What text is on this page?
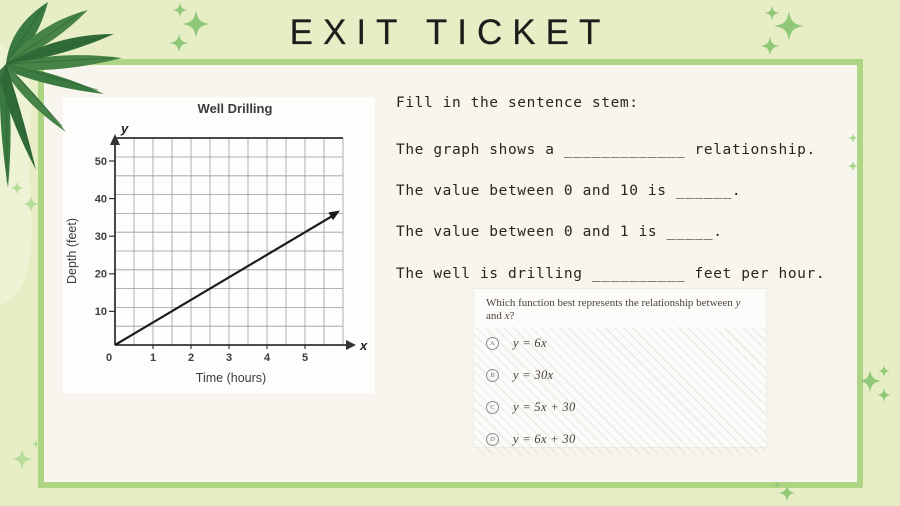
EXIT TICKET
Well Drilling
y
x
10
20
30
40
50
0	1	2	3	4	5
Depth (feet)
Time (hours)
Fill in the sentence stem:
The graph shows a _____________ relationship.
The value between 0 and 10 is ______.
The value between 0 and 1 is _____.
The well is drilling __________ feet per hour.
Which function best represents the relationship between y and x?
A	y = 6x
B	y = 30x
C	y = 5x + 30
D	y = 6x + 30
